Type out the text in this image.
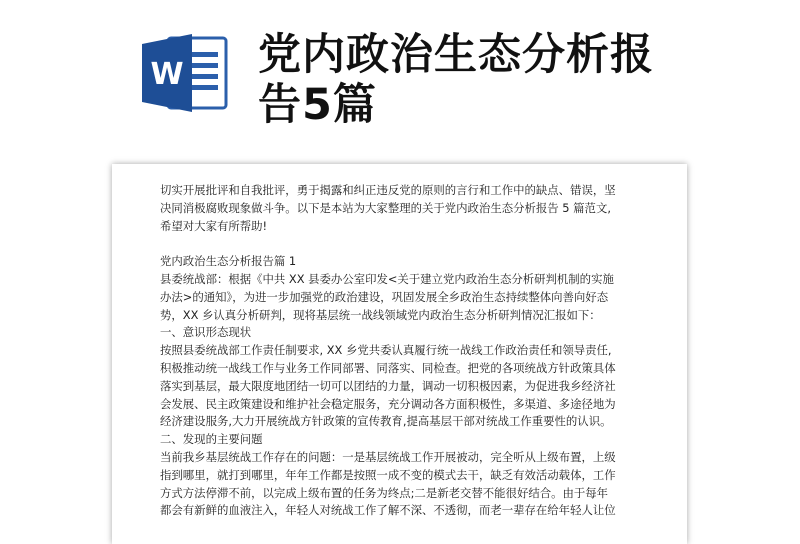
W 党内政治生态分析报
告5篇

切实开展批评和自我批评，勇于揭露和纠正违反党的原则的言行和工作中的缺点、错误，坚

决同消极腐败现象做斗争。以下是本站为大家整理的关于党内政治生态分析报告 5 篇范文,

希望对大家有所帮助!

党内政治生态分析报告篇 1

县委统战部：根据《中共 XX 县委办公室印发<关于建立党内政治生态分析研判机制的实施

办法>的通知》，为进一步加强党的政治建设，巩固发展全乡政治生态持续整体向善向好态

势，XX 乡认真分析研判，现将基层统一战线领域党内政治生态分析研判情况汇报如下：

一、意识形态现状

按照县委统战部工作责任制要求, XX 乡党共委认真履行统一战线工作政治责任和领导责任,

积极推动统一战线工作与业务工作同部署、同落实、同检查。把党的各项统战方针政策具体

落实到基层，最大限度地团结一切可以团结的力量，调动一切积极因素，为促进我乡经济社

会发展、民主政策建设和维护社会稳定服务，充分调动各方面积极性，多渠道、多途径地为

经济建设服务,大力开展统战方针政策的宣传教育,提高基层干部对统战工作重要性的认识。

二、发现的主要问题

当前我乡基层统战工作存在的问题：一是基层统战工作开展被动，完全听从上级布置，上级

指到哪里，就打到哪里，年年工作都是按照一成不变的模式去干，缺乏有效活动载体，工作

方式方法停滞不前，以完成上级布置的任务为终点;二是新老交替不能很好结合。由于每年

都会有新鲜的血液注入，年轻人对统战工作了解不深、不透彻，而老一辈存在给年轻人让位
